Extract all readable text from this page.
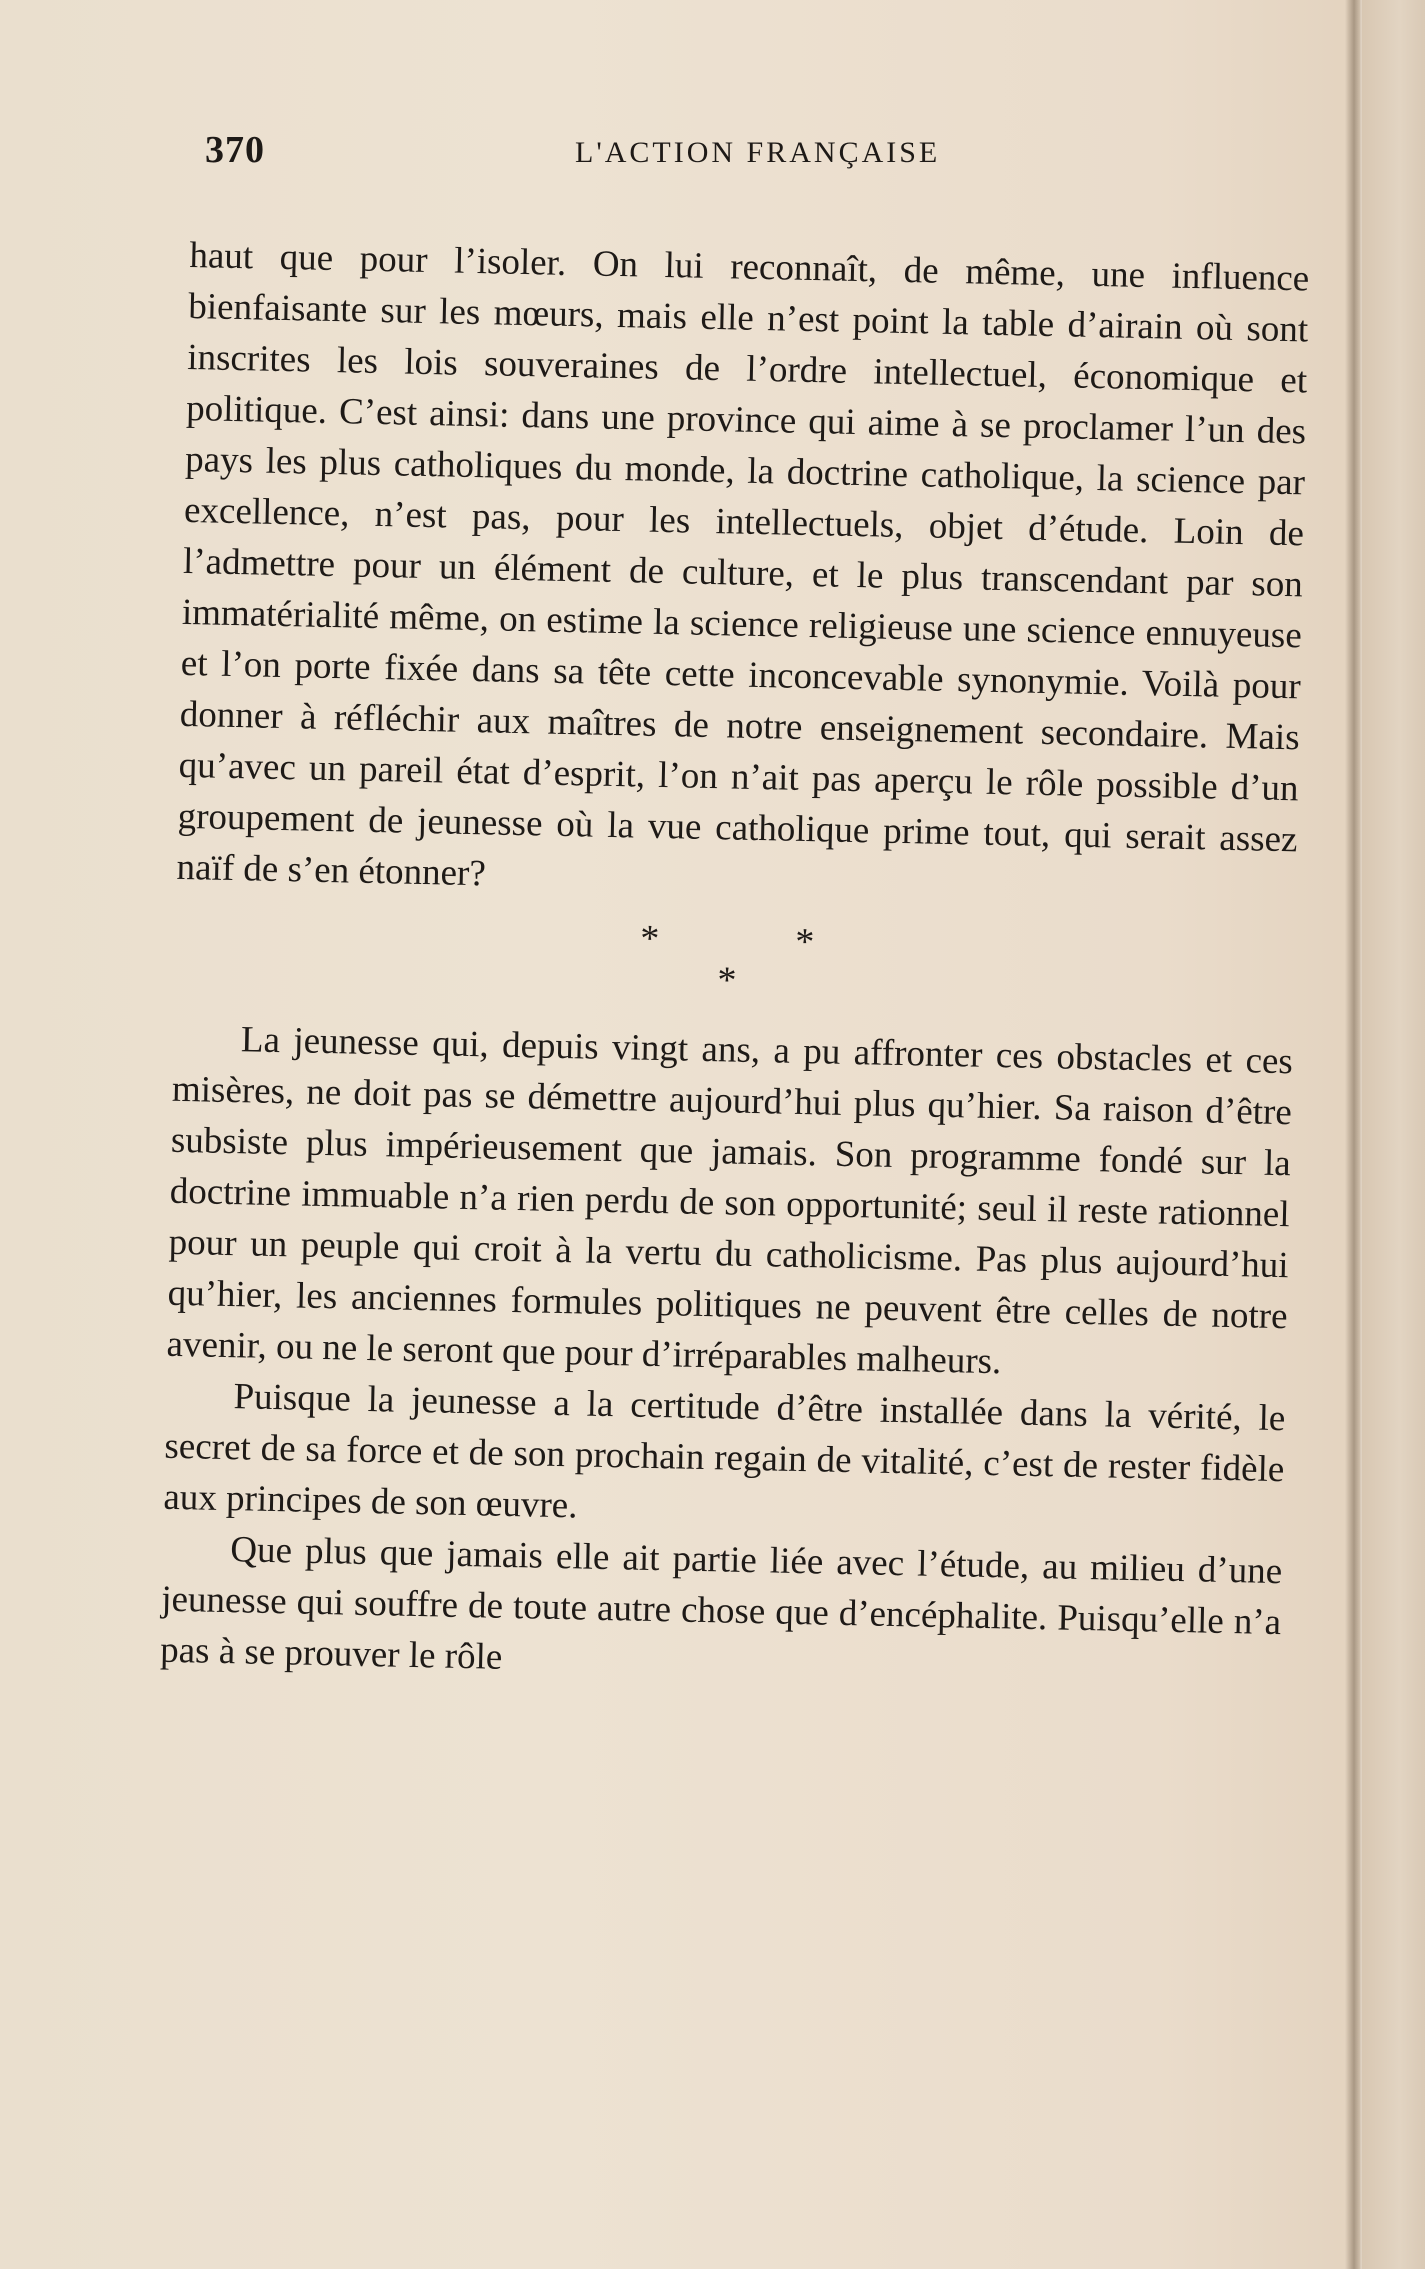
370	L'ACTION FRANÇAISE

haut que pour l’isoler. On lui reconnaît, de même, une influence bienfaisante sur les mœurs, mais elle n’est point la table d’airain où sont inscrites les lois souveraines de l’ordre intellectuel, économique et politique. C’est ainsi: dans une province qui aime à se proclamer l’un des pays les plus catholiques du monde, la doctrine catholique, la science par excellence, n’est pas, pour les intellectuels, objet d’étude. Loin de l’admettre pour un élément de culture, et le plus transcendant par son immatérialité même, on estime la science religieuse une science ennuyeuse et l’on porte fixée dans sa tête cette inconcevable synonymie. Voilà pour donner à réfléchir aux maîtres de notre enseignement secondaire. Mais qu’avec un pareil état d’esprit, l’on n’ait pas aperçu le rôle possible d’un groupement de jeunesse où la vue catholique prime tout, qui serait assez naïf de s’en étonner?

*	*
*

La jeunesse qui, depuis vingt ans, a pu affronter ces obstacles et ces misères, ne doit pas se démettre aujourd’hui plus qu’hier. Sa raison d’être subsiste plus impérieusement que jamais. Son programme fondé sur la doctrine immuable n’a rien perdu de son opportunité; seul il reste rationnel pour un peuple qui croit à la vertu du catholicisme. Pas plus aujourd’hui qu’hier, les anciennes formules politiques ne peuvent être celles de notre avenir, ou ne le seront que pour d’irréparables malheurs.

Puisque la jeunesse a la certitude d’être installée dans la vérité, le secret de sa force et de son prochain regain de vitalité, c’est de rester fidèle aux principes de son œuvre.

Que plus que jamais elle ait partie liée avec l’étude, au milieu d’une jeunesse qui souffre de toute autre chose que d’encéphalite. Puisqu’elle n’a pas à se prouver le rôle
